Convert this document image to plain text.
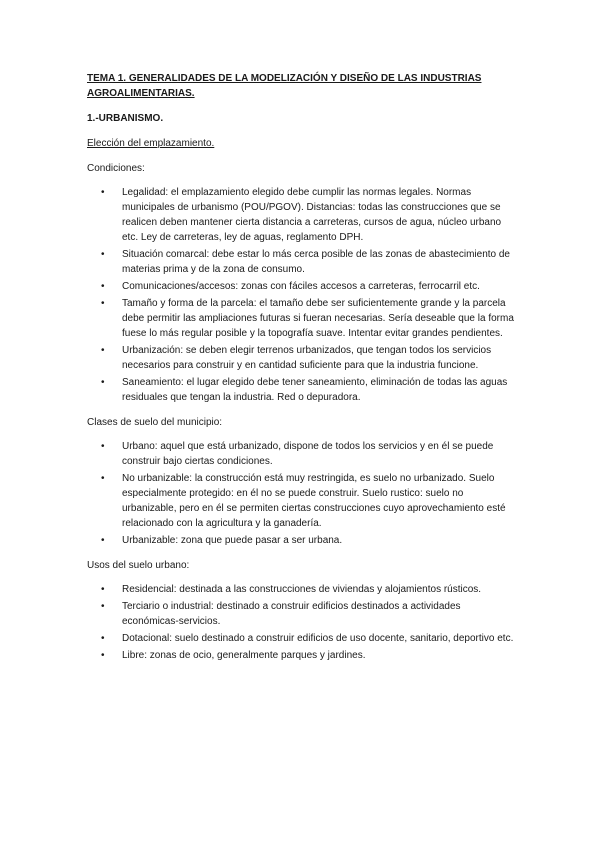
TEMA 1. GENERALIDADES DE LA MODELIZACIÓN Y DISEÑO DE LAS INDUSTRIAS AGROALIMENTARIAS.

1.-URBANISMO.

Elección del emplazamiento.

Condiciones:

• Legalidad: el emplazamiento elegido debe cumplir las normas legales. Normas municipales de urbanismo (POU/PGOV). Distancias: todas las construcciones que se realicen deben mantener cierta distancia a carreteras, cursos de agua, núcleo urbano etc. Ley de carreteras, ley de aguas, reglamento DPH.
• Situación comarcal: debe estar lo más cerca posible de las zonas de abastecimiento de materias prima y de la zona de consumo.
• Comunicaciones/accesos: zonas con fáciles accesos a carreteras, ferrocarril etc.
• Tamaño y forma de la parcela: el tamaño debe ser suficientemente grande y la parcela debe permitir las ampliaciones futuras si fueran necesarias. Sería deseable que la forma fuese lo más regular posible y la topografía suave. Intentar evitar grandes pendientes.
• Urbanización: se deben elegir terrenos urbanizados, que tengan todos los servicios necesarios para construir y en cantidad suficiente para que la industria funcione.
• Saneamiento: el lugar elegido debe tener saneamiento, eliminación de todas las aguas residuales que tengan la industria. Red o depuradora.

Clases de suelo del municipio:

• Urbano: aquel que está urbanizado, dispone de todos los servicios y en él se puede construir bajo ciertas condiciones.
• No urbanizable: la construcción está muy restringida, es suelo no urbanizado. Suelo especialmente protegido: en él no se puede construir. Suelo rustico: suelo no urbanizable, pero en él se permiten ciertas construcciones cuyo aprovechamiento esté relacionado con la agricultura y la ganadería.
• Urbanizable: zona que puede pasar a ser urbana.

Usos del suelo urbano:

• Residencial: destinada a las construcciones de viviendas y alojamientos rústicos.
• Terciario o industrial: destinado a construir edificios destinados a actividades económicas-servicios.
• Dotacional: suelo destinado a construir edificios de uso docente, sanitario, deportivo etc.
• Libre: zonas de ocio, generalmente parques y jardines.
